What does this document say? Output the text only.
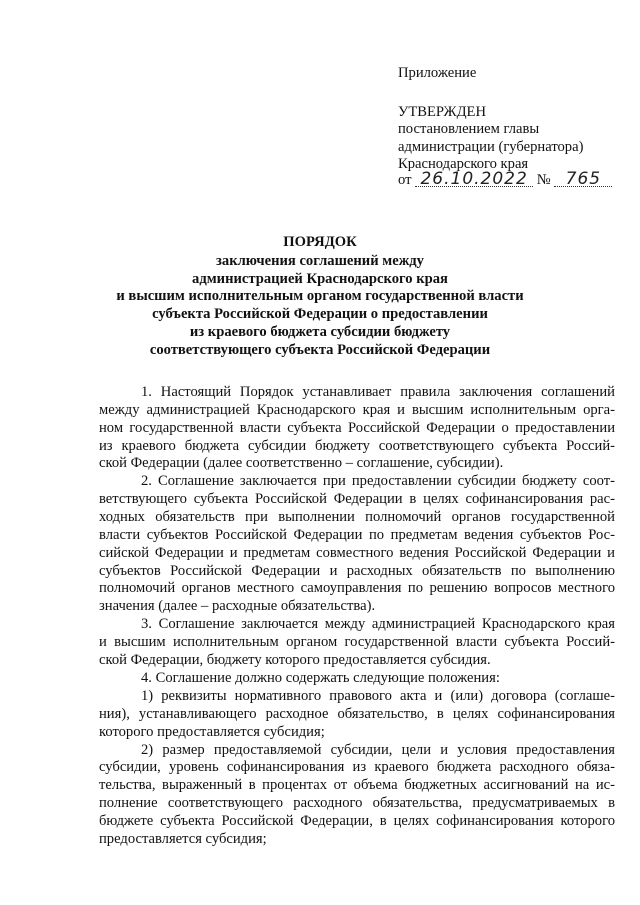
Приложение
УТВЕРЖДЕН
постановлением главы
администрации (губернатора)
Краснодарского края
от 26.10.2022 № 765
ПОРЯДОК
заключения соглашений между
администрацией Краснодарского края
и высшим исполнительным органом государственной власти
субъекта Российской Федерации о предоставлении
из краевого бюджета субсидии бюджету
соответствующего субъекта Российской Федерации
1. Настоящий Порядок устанавливает правила заключения соглашений
между администрацией Краснодарского края и высшим исполнительным орга-
ном государственной власти субъекта Российской Федерации о предоставлении
из краевого бюджета субсидии бюджету соответствующего субъекта Россий-
ской Федерации (далее соответственно – соглашение, субсидии).
2. Соглашение заключается при предоставлении субсидии бюджету соот-
ветствующего субъекта Российской Федерации в целях софинансирования рас-
ходных обязательств при выполнении полномочий органов государственной
власти субъектов Российской Федерации по предметам ведения субъектов Рос-
сийской Федерации и предметам совместного ведения Российской Федерации и
субъектов Российской Федерации и расходных обязательств по выполнению
полномочий органов местного самоуправления по решению вопросов местного
значения (далее – расходные обязательства).
3. Соглашение заключается между администрацией Краснодарского края
и высшим исполнительным органом государственной власти субъекта Россий-
ской Федерации, бюджету которого предоставляется субсидия.
4. Соглашение должно содержать следующие положения:
1) реквизиты нормативного правового акта и (или) договора (соглаше-
ния), устанавливающего расходное обязательство, в целях софинансирования
которого предоставляется субсидия;
2) размер предоставляемой субсидии, цели и условия предоставления
субсидии, уровень софинансирования из краевого бюджета расходного обяза-
тельства, выраженный в процентах от объема бюджетных ассигнований на ис-
полнение соответствующего расходного обязательства, предусматриваемых в
бюджете субъекта Российской Федерации, в целях софинансирования которого
предоставляется субсидия;
